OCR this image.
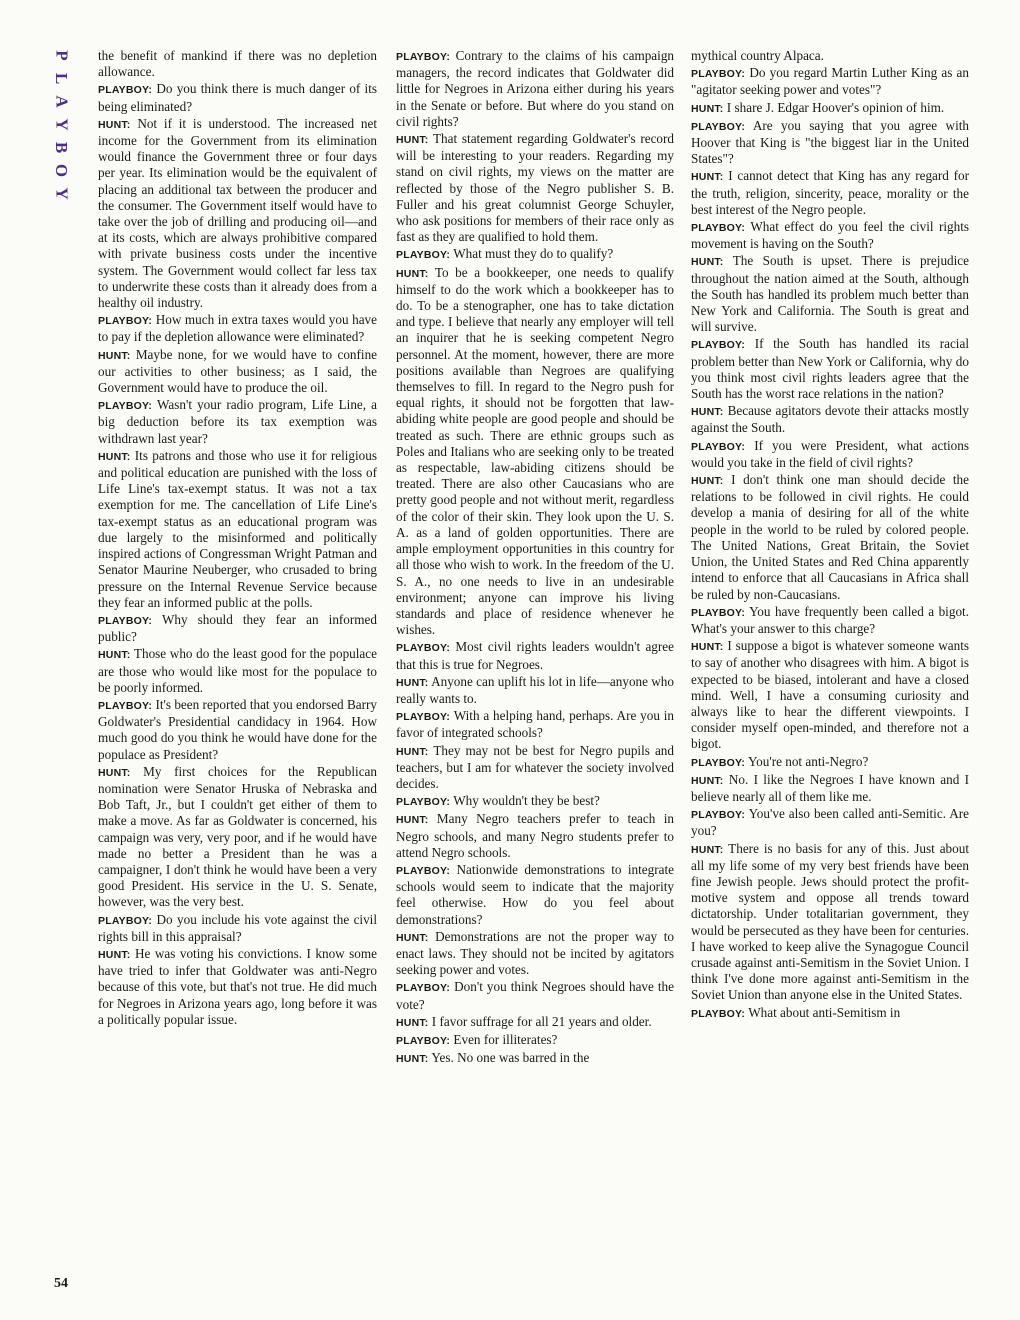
P
L
A
Y
B
O
Y
54

the benefit of mankind if there was no depletion allowance.

PLAYBOY: Do you think there is much danger of its being eliminated?

HUNT: Not if it is understood. The increased net income for the Government from its elimination would finance the Government three or four days per year. Its elimination would be the equivalent of placing an additional tax between the producer and the consumer. The Government itself would have to take over the job of drilling and producing oil—and at its costs, which are always prohibitive compared with private business costs under the incentive system. The Government would collect far less tax to underwrite these costs than it already does from a healthy oil industry.

PLAYBOY: How much in extra taxes would you have to pay if the depletion allowance were eliminated?

HUNT: Maybe none, for we would have to confine our activities to other business; as I said, the Government would have to produce the oil.

PLAYBOY: Wasn't your radio program, Life Line, a big deduction before its tax exemption was withdrawn last year?

HUNT: Its patrons and those who use it for religious and political education are punished with the loss of Life Line's tax-exempt status. It was not a tax exemption for me. The cancellation of Life Line's tax-exempt status as an educational program was due largely to the misinformed and politically inspired actions of Congressman Wright Patman and Senator Maurine Neuberger, who crusaded to bring pressure on the Internal Revenue Service because they fear an informed public at the polls.

PLAYBOY: Why should they fear an informed public?

HUNT: Those who do the least good for the populace are those who would like most for the populace to be poorly informed.

PLAYBOY: It's been reported that you endorsed Barry Goldwater's Presidential candidacy in 1964. How much good do you think he would have done for the populace as President?

HUNT: My first choices for the Republican nomination were Senator Hruska of Nebraska and Bob Taft, Jr., but I couldn't get either of them to make a move. As far as Goldwater is concerned, his campaign was very, very poor, and if he would have made no better a President than he was a campaigner, I don't think he would have been a very good President. His service in the U. S. Senate, however, was the very best.

PLAYBOY: Do you include his vote against the civil rights bill in this appraisal?

HUNT: He was voting his convictions. I know some have tried to infer that Goldwater was anti-Negro because of this vote, but that's not true. He did much for Negroes in Arizona years ago, long before it was a politically popular issue.

PLAYBOY: Contrary to the claims of his campaign managers, the record indicates that Goldwater did little for Negroes in Arizona either during his years in the Senate or before. But where do you stand on civil rights?

HUNT: That statement regarding Goldwater's record will be interesting to your readers. Regarding my stand on civil rights, my views on the matter are reflected by those of the Negro publisher S. B. Fuller and his great columnist George Schuyler, who ask positions for members of their race only as fast as they are qualified to hold them.

PLAYBOY: What must they do to qualify?

HUNT: To be a bookkeeper, one needs to qualify himself to do the work which a bookkeeper has to do. To be a stenographer, one has to take dictation and type. I believe that nearly any employer will tell an inquirer that he is seeking competent Negro personnel. At the moment, however, there are more positions available than Negroes are qualifying themselves to fill. In regard to the Negro push for equal rights, it should not be forgotten that law-abiding white people are good people and should be treated as such. There are ethnic groups such as Poles and Italians who are seeking only to be treated as respectable, law-abiding citizens should be treated. There are also other Caucasians who are pretty good people and not without merit, regardless of the color of their skin. They look upon the U. S. A. as a land of golden opportunities. There are ample employment opportunities in this country for all those who wish to work. In the freedom of the U. S. A., no one needs to live in an undesirable environment; anyone can improve his living standards and place of residence whenever he wishes.

PLAYBOY: Most civil rights leaders wouldn't agree that this is true for Negroes.

HUNT: Anyone can uplift his lot in life—anyone who really wants to.

PLAYBOY: With a helping hand, perhaps. Are you in favor of integrated schools?

HUNT: They may not be best for Negro pupils and teachers, but I am for whatever the society involved decides.

PLAYBOY: Why wouldn't they be best?

HUNT: Many Negro teachers prefer to teach in Negro schools, and many Negro students prefer to attend Negro schools.

PLAYBOY: Nationwide demonstrations to integrate schools would seem to indicate that the majority feel otherwise. How do you feel about demonstrations?

HUNT: Demonstrations are not the proper way to enact laws. They should not be incited by agitators seeking power and votes.

PLAYBOY: Don't you think Negroes should have the vote?

HUNT: I favor suffrage for all 21 years and older.

PLAYBOY: Even for illiterates?

HUNT: Yes. No one was barred in the

mythical country Alpaca.

PLAYBOY: Do you regard Martin Luther King as an "agitator seeking power and votes"?

HUNT: I share J. Edgar Hoover's opinion of him.

PLAYBOY: Are you saying that you agree with Hoover that King is "the biggest liar in the United States"?

HUNT: I cannot detect that King has any regard for the truth, religion, sincerity, peace, morality or the best interest of the Negro people.

PLAYBOY: What effect do you feel the civil rights movement is having on the South?

HUNT: The South is upset. There is prejudice throughout the nation aimed at the South, although the South has handled its problem much better than New York and California. The South is great and will survive.

PLAYBOY: If the South has handled its racial problem better than New York or California, why do you think most civil rights leaders agree that the South has the worst race relations in the nation?

HUNT: Because agitators devote their attacks mostly against the South.

PLAYBOY: If you were President, what actions would you take in the field of civil rights?

HUNT: I don't think one man should decide the relations to be followed in civil rights. He could develop a mania of desiring for all of the white people in the world to be ruled by colored people. The United Nations, Great Britain, the Soviet Union, the United States and Red China apparently intend to enforce that all Caucasians in Africa shall be ruled by non-Caucasians.

PLAYBOY: You have frequently been called a bigot. What's your answer to this charge?

HUNT: I suppose a bigot is whatever someone wants to say of another who disagrees with him. A bigot is expected to be biased, intolerant and have a closed mind. Well, I have a consuming curiosity and always like to hear the different viewpoints. I consider myself open-minded, and therefore not a bigot.

PLAYBOY: You're not anti-Negro?

HUNT: No. I like the Negroes I have known and I believe nearly all of them like me.

PLAYBOY: You've also been called anti-Semitic. Are you?

HUNT: There is no basis for any of this. Just about all my life some of my very best friends have been fine Jewish people. Jews should protect the profit-motive system and oppose all trends toward dictatorship. Under totalitarian government, they would be persecuted as they have been for centuries. I have worked to keep alive the Synagogue Council crusade against anti-Semitism in the Soviet Union. I think I've done more against anti-Semitism in the Soviet Union than anyone else in the United States.

PLAYBOY: What about anti-Semitism in
